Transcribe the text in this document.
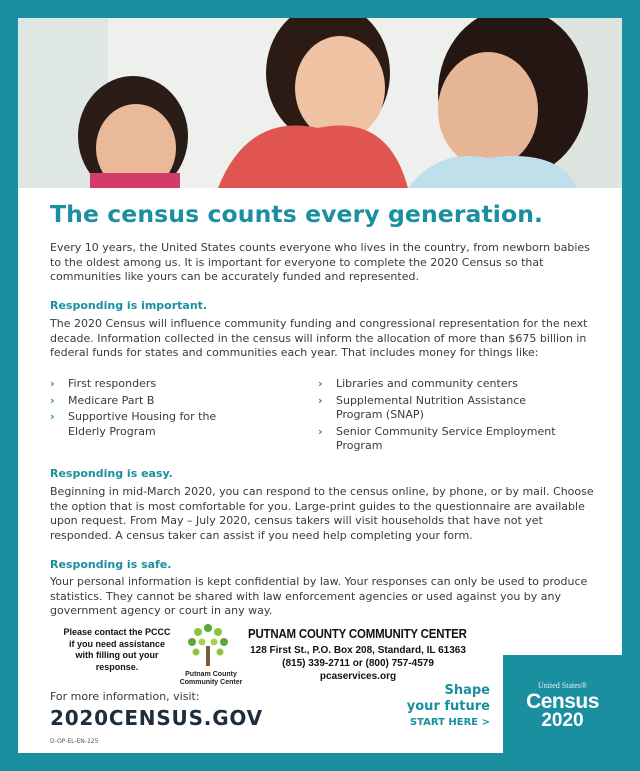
The census counts every generation.

Every 10 years, the United States counts everyone who lives in the country, from newborn babies to the oldest among us. It is important for everyone to complete the 2020 Census so that communities like yours can be accurately funded and represented.

Responding is important.

The 2020 Census will influence community funding and congressional representation for the next decade. Information collected in the census will inform the allocation of more than $675 billion in federal funds for states and communities each year. That includes money for things like:

› First responders
› Medicare Part B
› Supportive Housing for the Elderly Program
› Libraries and community centers
› Supplemental Nutrition Assistance Program (SNAP)
› Senior Community Service Employment Program
Responding is easy.

Beginning in mid-March 2020, you can respond to the census online, by phone, or by mail. Choose the option that is most comfortable for you. Large-print guides to the questionnaire are available upon request. From May – July 2020, census takers will visit households that have not yet responded. A census taker can assist if you need help completing your form.

Responding is safe.

Your personal information is kept confidential by law. Your responses can only be used to produce statistics. They cannot be shared with law enforcement agencies or used against you by any government agency or court in any way.

Please contact the PCCC if you need assistance with filling out your response.
Putnam County Community Center
PUTNAM COUNTY COMMUNITY CENTER
128 First St., P.O. Box 208, Standard, IL 61363
(815) 339-2711 or (800) 757-4579
pcaservices.org
For more information, visit:
2020CENSUS.GOV
D-OP-EL-EN-125
Shape
your future
START HERE >
United States®
Census
2020
